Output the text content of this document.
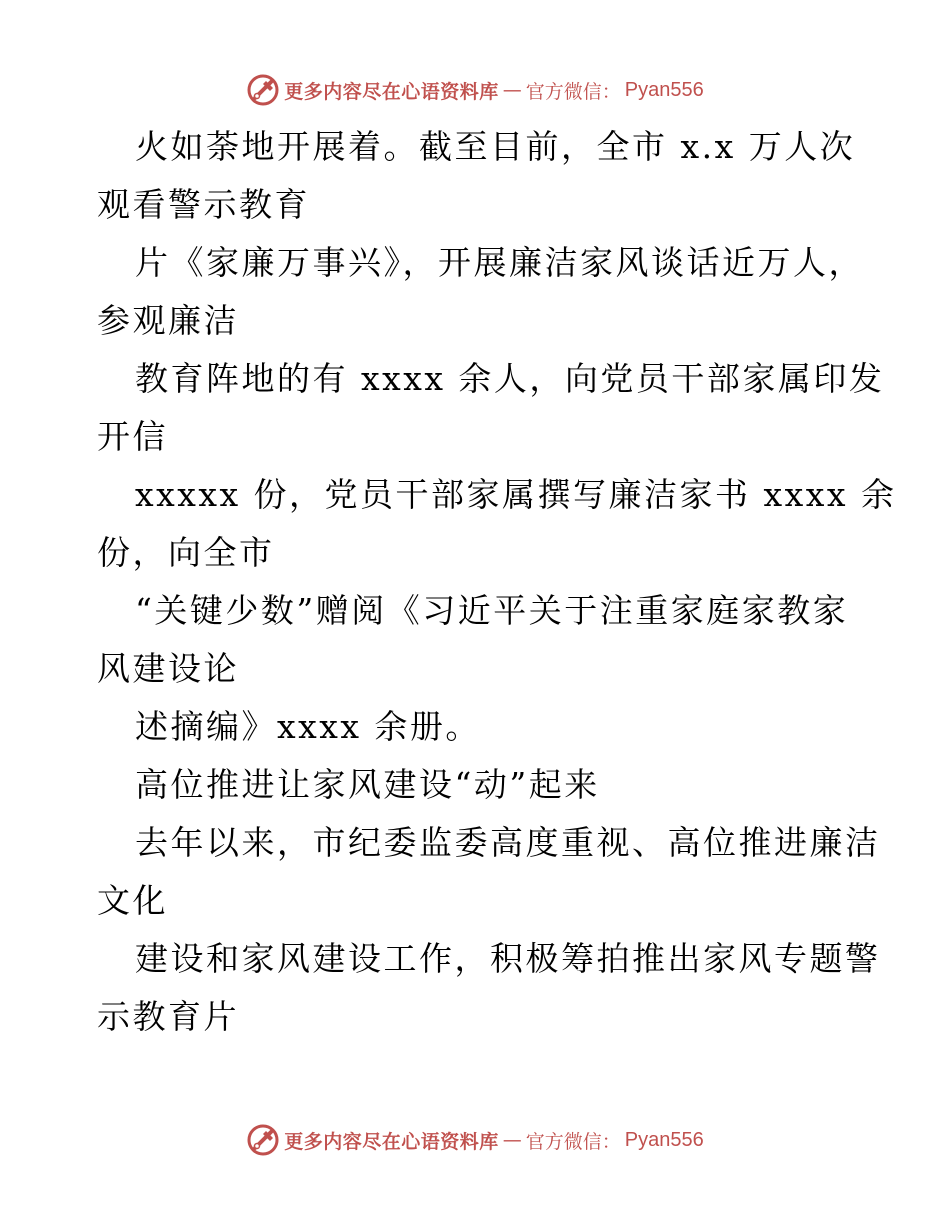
更多内容尽在心语资料库 — 官方微信： Pyan556
火如荼地开展着。截至目前，全市 x.x 万人次
观看警示教育
片《家廉万事兴》，开展廉洁家风谈话近万人，
参观廉洁
教育阵地的有 xxxx 余人，向党员干部家属印发
开信
xxxxx 份，党员干部家属撰写廉洁家书 xxxx 余
份，向全市
“关键少数”赠阅《习近平关于注重家庭家教家
风建设论
述摘编》xxxx 余册。
高位推进让家风建设“动”起来
去年以来，市纪委监委高度重视、高位推进廉洁
文化
建设和家风建设工作，积极筹拍推出家风专题警
示教育片
更多内容尽在心语资料库 — 官方微信： Pyan556
